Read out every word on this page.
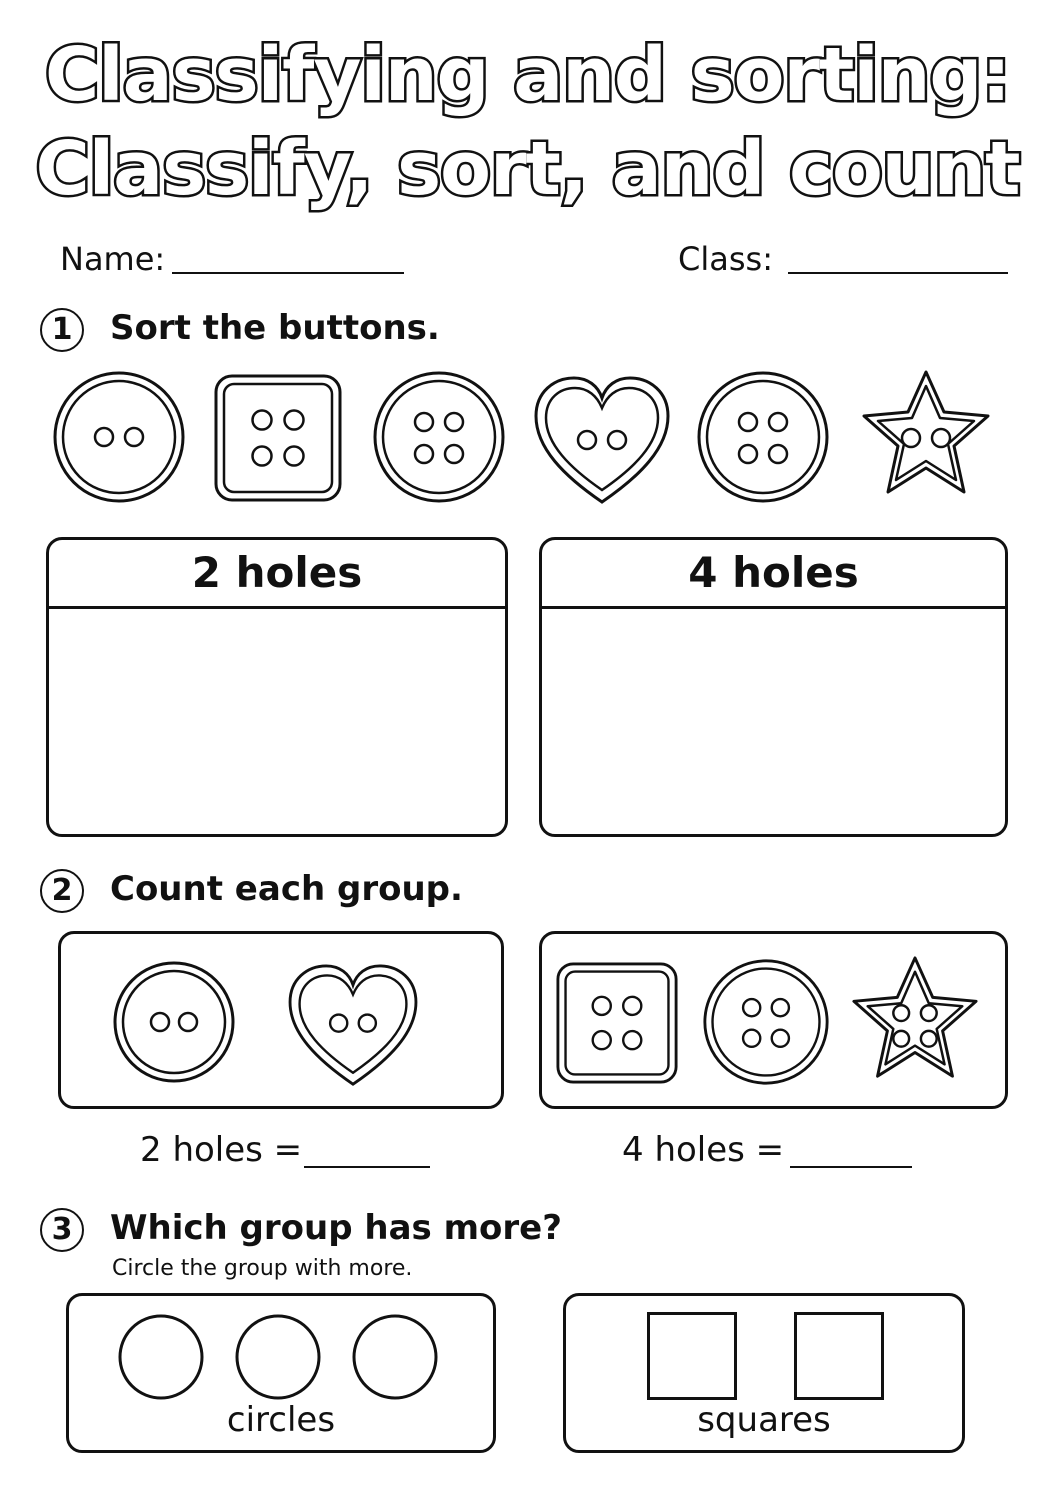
Classifying and sorting:
Classify, sort, and count
Name:	Class:
1	Sort the buttons.
2 holes	4 holes
2	Count each group.
2 holes =	4 holes =
3	Which group has more?
Circle the group with more.
circles	squares
